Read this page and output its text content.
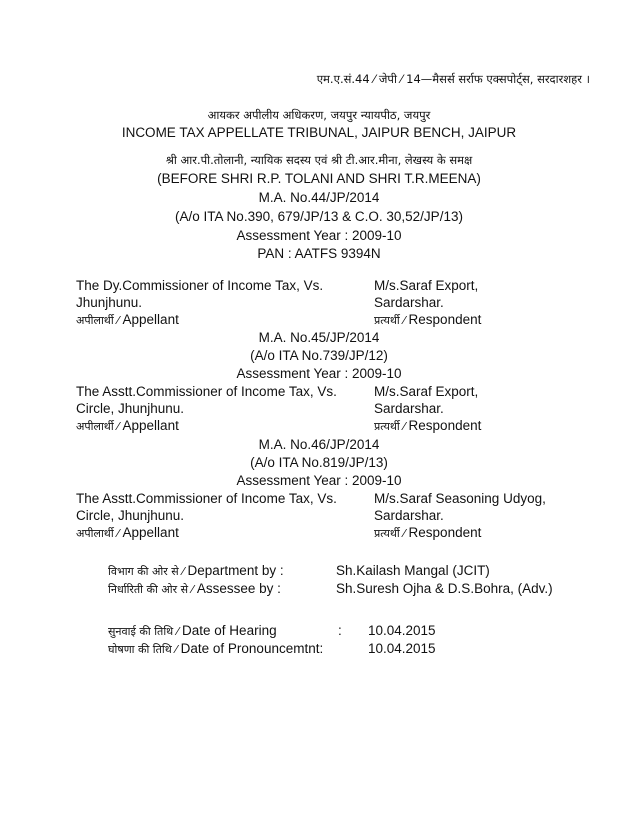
एम.ए.सं.44 ⁄ जेपी ⁄ 14—मैसर्स सर्राफ एक्सपोर्ट्स, सरदारशहर ।
आयकर अपीलीय अधिकरण, जयपुर न्यायपीठ, जयपुर
INCOME TAX APPELLATE TRIBUNAL, JAIPUR BENCH, JAIPUR
श्री आर.पी.तोलानी, न्यायिक सदस्य एवं श्री टी.आर.मीना, लेखस्य के समक्ष
(BEFORE SHRI R.P. TOLANI AND SHRI T.R.MEENA)
M.A. No.44/JP/2014
(A/o ITA No.390, 679/JP/13 & C.O. 30,52/JP/13)
Assessment Year : 2009-10
PAN : AATFS 9394N
The Dy.Commissioner of Income Tax, Vs.	M/s.Saraf Export,
Jhunjhunu.	Sardarshar.
अपीलार्थी ⁄ Appellant	प्रत्यर्थी ⁄ Respondent
M.A. No.45/JP/2014
(A/o ITA No.739/JP/12)
Assessment Year : 2009-10
The Asstt.Commissioner of Income Tax, Vs.	M/s.Saraf Export,
Circle, Jhunjhunu.	Sardarshar.
अपीलार्थी ⁄ Appellant	प्रत्यर्थी ⁄ Respondent
M.A. No.46/JP/2014
(A/o ITA No.819/JP/13)
Assessment Year : 2009-10
The Asstt.Commissioner of Income Tax, Vs.	M/s.Saraf Seasoning Udyog,
Circle, Jhunjhunu.	Sardarshar.
अपीलार्थी ⁄ Appellant	प्रत्यर्थी ⁄ Respondent
विभाग की ओर से ⁄ Department by :	Sh.Kailash Mangal (JCIT)
निर्धारिती की ओर से ⁄ Assessee by :	Sh.Suresh Ojha & D.S.Bohra, (Adv.)
सुनवाई की तिथि ⁄ Date of Hearing	: 10.04.2015
घोषणा की तिथि ⁄ Date of Pronouncemtnt:	10.04.2015
